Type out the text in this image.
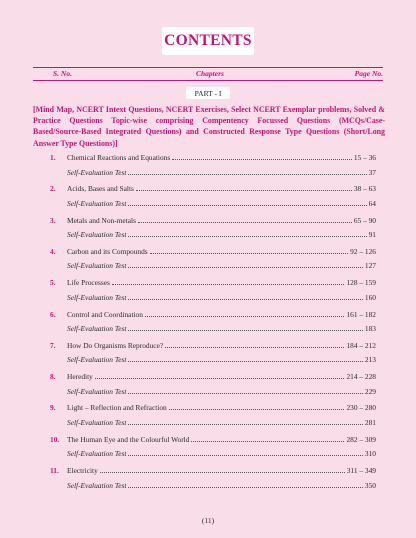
CONTENTS
S. No.	Chapters	Page No.
PART - I
[Mind Map, NCERT Intext Questions, NCERT Exercises, Select NCERT Exemplar problems, Solved & Practice Questions Topic-wise comprising Compentency Focussed Questions (MCQs/Case-Based/Source-Based Integrated Questions) and Constructed Response Type Questions (Short/Long Answer Type Questions)]
1.	Chemical Reactions and Equations	15 – 36
Self-Evaluation Test	37
2.	Acids, Bases and Salts	38 – 63
Self-Evaluation Test	64
3.	Metals and Non-metals	65 – 90
Self-Evaluation Test	91
4.	Carbon and its Compounds	92 – 126
Self-Evaluation Test	127
5.	Life Processes	128 – 159
Self-Evaluation Test	160
6.	Control and Coordination	161 – 182
Self-Evaluation Test	183
7.	How Do Organisms Reproduce?	184 – 212
Self-Evaluation Test	213
8.	Heredity	214 – 228
Self-Evaluation Test	229
9.	Light – Reflection and Refraction	230 – 280
Self-Evaluation Test	281
10.	The Human Eye and the Colourful World	282 – 309
Self-Evaluation Test	310
11.	Electricity	311 – 349
Self-Evaluation Test	350
(11)
